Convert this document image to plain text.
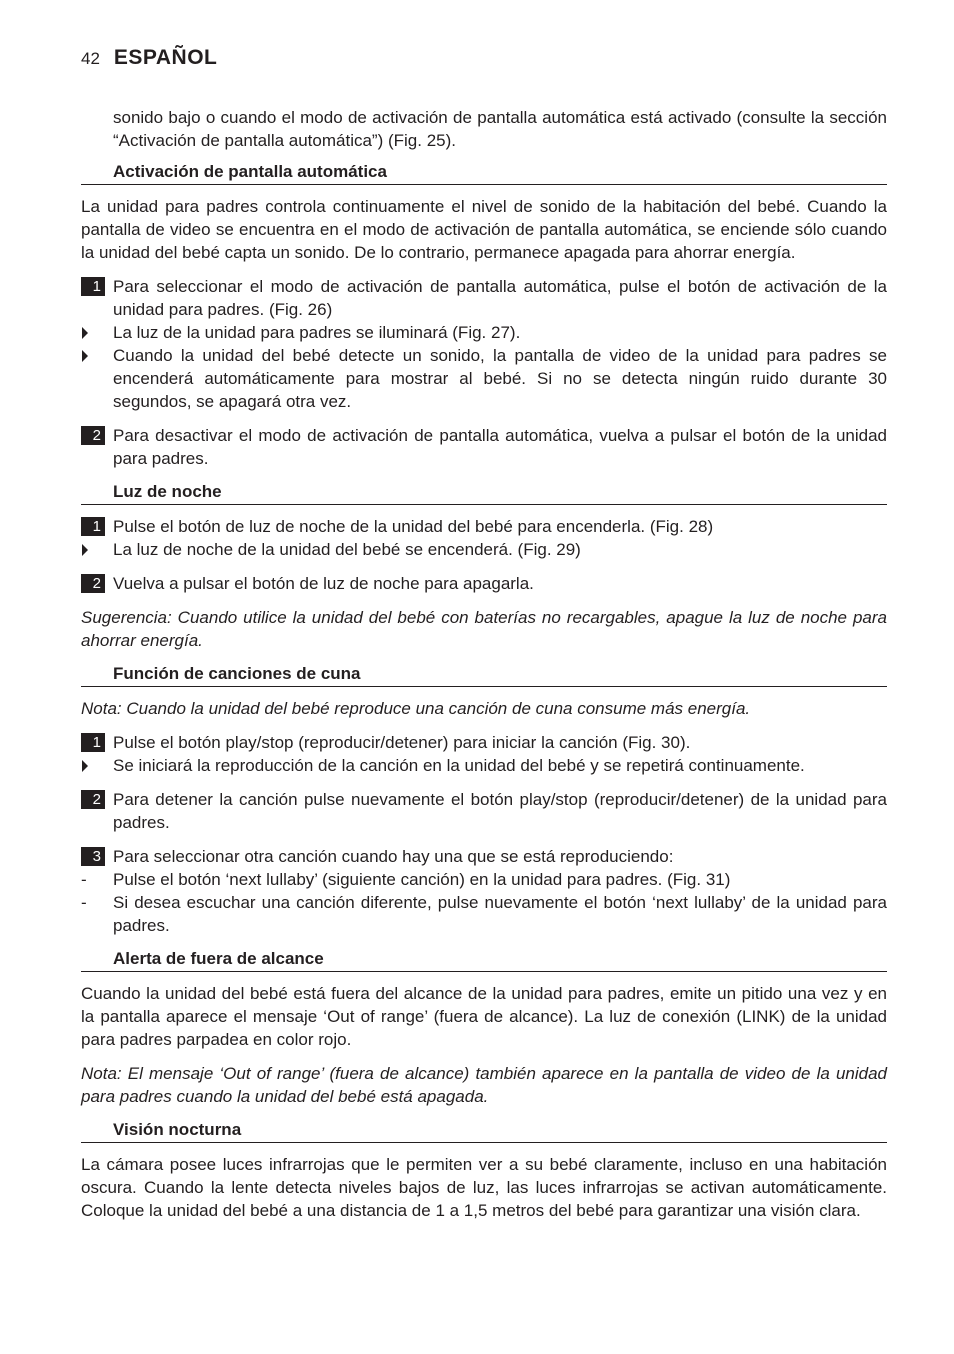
42 ESPAÑOL

sonido bajo o cuando el modo de activación de pantalla automática está activado (consulte la sección “Activación de pantalla automática”) (Fig. 25).

Activación de pantalla automática

La unidad para padres controla continuamente el nivel de sonido de la habitación del bebé. Cuando la pantalla de video se encuentra en el modo de activación de pantalla automática, se enciende sólo cuando la unidad del bebé capta un sonido. De lo contrario, permanece apagada para ahorrar energía.

1 Para seleccionar el modo de activación de pantalla automática, pulse el botón de activación de la unidad para padres. (Fig. 26)
La luz de la unidad para padres se iluminará (Fig. 27).
Cuando la unidad del bebé detecte un sonido, la pantalla de video de la unidad para padres se encenderá automáticamente para mostrar al bebé. Si no se detecta ningún ruido durante 30 segundos, se apagará otra vez.
2 Para desactivar el modo de activación de pantalla automática, vuelva a pulsar el botón de la unidad para padres.
Luz de noche
1 Pulse el botón de luz de noche de la unidad del bebé para encenderla. (Fig. 28)
La luz de noche de la unidad del bebé se encenderá. (Fig. 29)
2 Vuelva a pulsar el botón de luz de noche para apagarla.

Sugerencia: Cuando utilice la unidad del bebé con baterías no recargables, apague la luz de noche para ahorrar energía.

Función de canciones de cuna

Nota: Cuando la unidad del bebé reproduce una canción de cuna consume más energía.

1 Pulse el botón play/stop (reproducir/detener) para iniciar la canción (Fig. 30).
Se iniciará la reproducción de la canción en la unidad del bebé y se repetirá continuamente.
2 Para detener la canción pulse nuevamente el botón play/stop (reproducir/detener) de la unidad para padres.
3 Para seleccionar otra canción cuando hay una que se está reproduciendo:
- Pulse el botón ‘next lullaby’ (siguiente canción) en la unidad para padres. (Fig. 31)
- Si desea escuchar una canción diferente, pulse nuevamente el botón ‘next lullaby’ de la unidad para padres.
Alerta de fuera de alcance

Cuando la unidad del bebé está fuera del alcance de la unidad para padres, emite un pitido una vez y en la pantalla aparece el mensaje ‘Out of range’ (fuera de alcance). La luz de conexión (LINK) de la unidad para padres parpadea en color rojo.

Nota: El mensaje ‘Out of range’ (fuera de alcance) también aparece en la pantalla de video de la unidad para padres cuando la unidad del bebé está apagada.

Visión nocturna

La cámara posee luces infrarrojas que le permiten ver a su bebé claramente, incluso en una habitación oscura. Cuando la lente detecta niveles bajos de luz, las luces infrarrojas se activan automáticamente. Coloque la unidad del bebé a una distancia de 1 a 1,5 metros del bebé para garantizar una visión clara.
